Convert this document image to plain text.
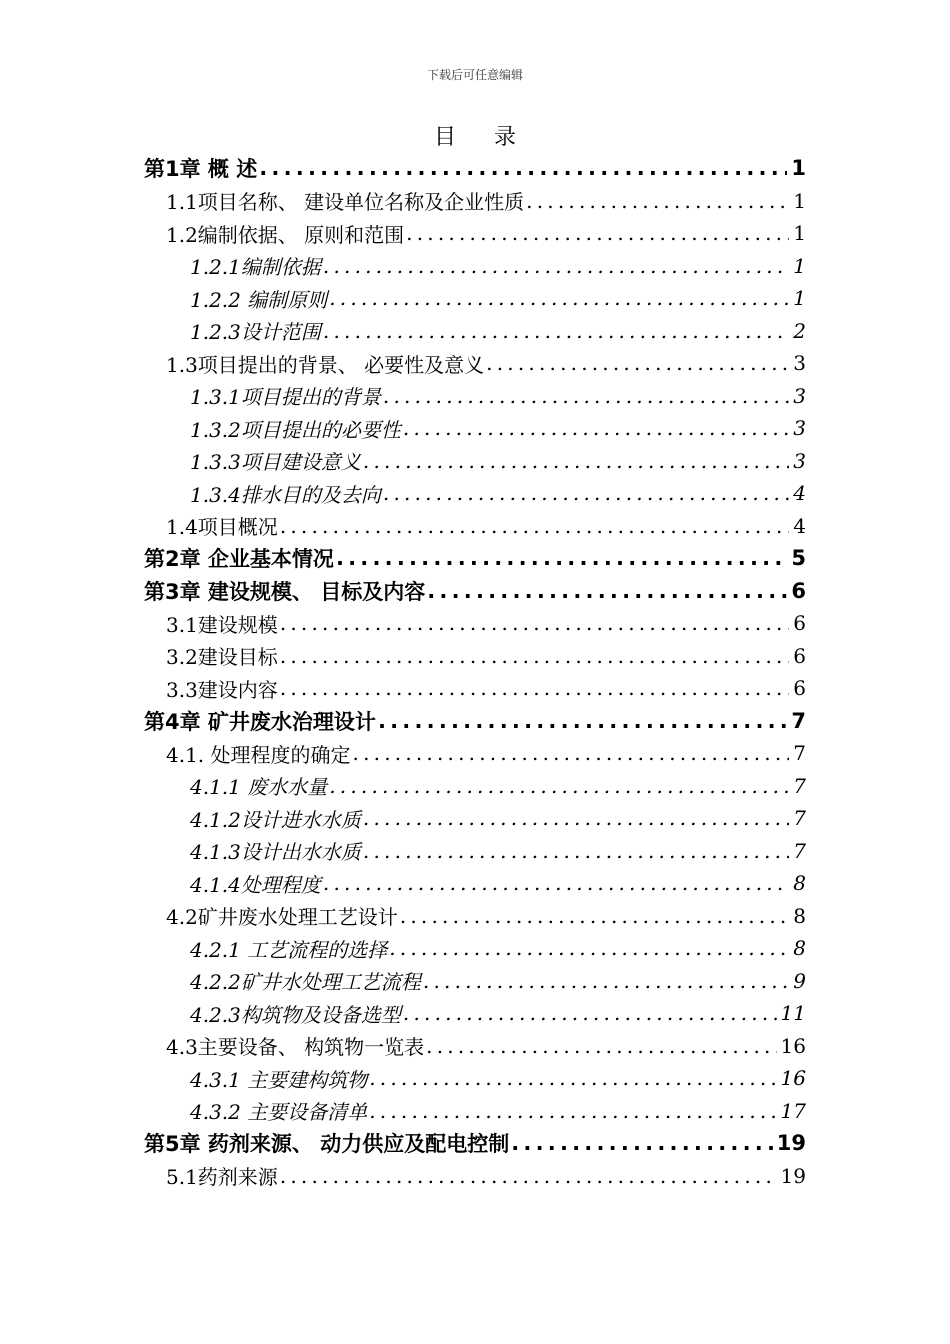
下载后可任意编辑
目录
第1章 概 述 .....	1
1.1项目名称、 建设单位名称及企业性质 .....	1
1.2编制依据、 原则和范围 .....	1
1.2.1编制依据 .....	1
1.2.2 编制原则 .....	1
1.2.3设计范围 .....	2
1.3项目提出的背景、 必要性及意义 .....	3
1.3.1项目提出的背景 .....	3
1.3.2项目提出的必要性 .....	3
1.3.3项目建设意义 .....	3
1.3.4排水目的及去向 .....	4
1.4项目概况 .....	4
第2章 企业基本情况 .....	5
第3章 建设规模、 目标及内容 .....	6
3.1建设规模 .....	6
3.2建设目标 .....	6
3.3建设内容 .....	6
第4章 矿井废水治理设计 .....	7
4.1. 处理程度的确定 .....	7
4.1.1 废水水量 .....	7
4.1.2设计进水水质 .....	7
4.1.3设计出水水质 .....	7
4.1.4处理程度 .....	8
4.2矿井废水处理工艺设计 .....	8
4.2.1 工艺流程的选择 .....	8
4.2.2矿井水处理工艺流程 .....	9
4.2.3构筑物及设备选型 .....	11
4.3主要设备、 构筑物一览表 .....	16
4.3.1 主要建构筑物 .....	16
4.3.2 主要设备清单 .....	17
第5章 药剂来源、 动力供应及配电控制 .....	19
5.1药剂来源 .....	19
